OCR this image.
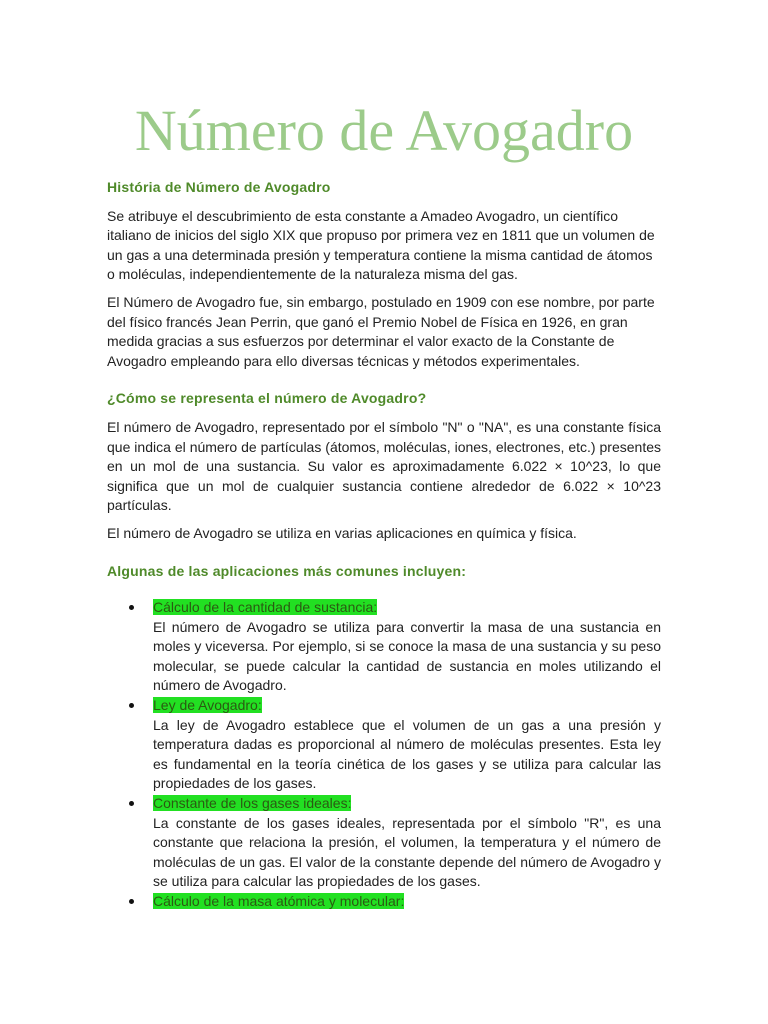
Número de Avogadro
História de Número de Avogadro

Se atribuye el descubrimiento de esta constante a Amadeo Avogadro, un científico italiano de inicios del siglo XIX que propuso por primera vez en 1811 que un volumen de un gas a una determinada presión y temperatura contiene la misma cantidad de átomos o moléculas, independientemente de la naturaleza misma del gas.

El Número de Avogadro fue, sin embargo, postulado en 1909 con ese nombre, por parte del físico francés Jean Perrin, que ganó el Premio Nobel de Física en 1926, en gran medida gracias a sus esfuerzos por determinar el valor exacto de la Constante de Avogadro empleando para ello diversas técnicas y métodos experimentales.

¿Cómo se representa el número de Avogadro?

El número de Avogadro, representado por el símbolo "N" o "NA", es una constante física que indica el número de partículas (átomos, moléculas, iones, electrones, etc.) presentes en un mol de una sustancia. Su valor es aproximadamente 6.022 × 10^23, lo que significa que un mol de cualquier sustancia contiene alrededor de 6.022 × 10^23 partículas.

El número de Avogadro se utiliza en varias aplicaciones en química y física.

Algunas de las aplicaciones más comunes incluyen:
Cálculo de la cantidad de sustancia:
El número de Avogadro se utiliza para convertir la masa de una sustancia en moles y viceversa. Por ejemplo, si se conoce la masa de una sustancia y su peso molecular, se puede calcular la cantidad de sustancia en moles utilizando el número de Avogadro.
Ley de Avogadro:
La ley de Avogadro establece que el volumen de un gas a una presión y temperatura dadas es proporcional al número de moléculas presentes. Esta ley es fundamental en la teoría cinética de los gases y se utiliza para calcular las propiedades de los gases.
Constante de los gases ideales:
La constante de los gases ideales, representada por el símbolo "R", es una constante que relaciona la presión, el volumen, la temperatura y el número de moléculas de un gas. El valor de la constante depende del número de Avogadro y se utiliza para calcular las propiedades de los gases.
Cálculo de la masa atómica y molecular:
